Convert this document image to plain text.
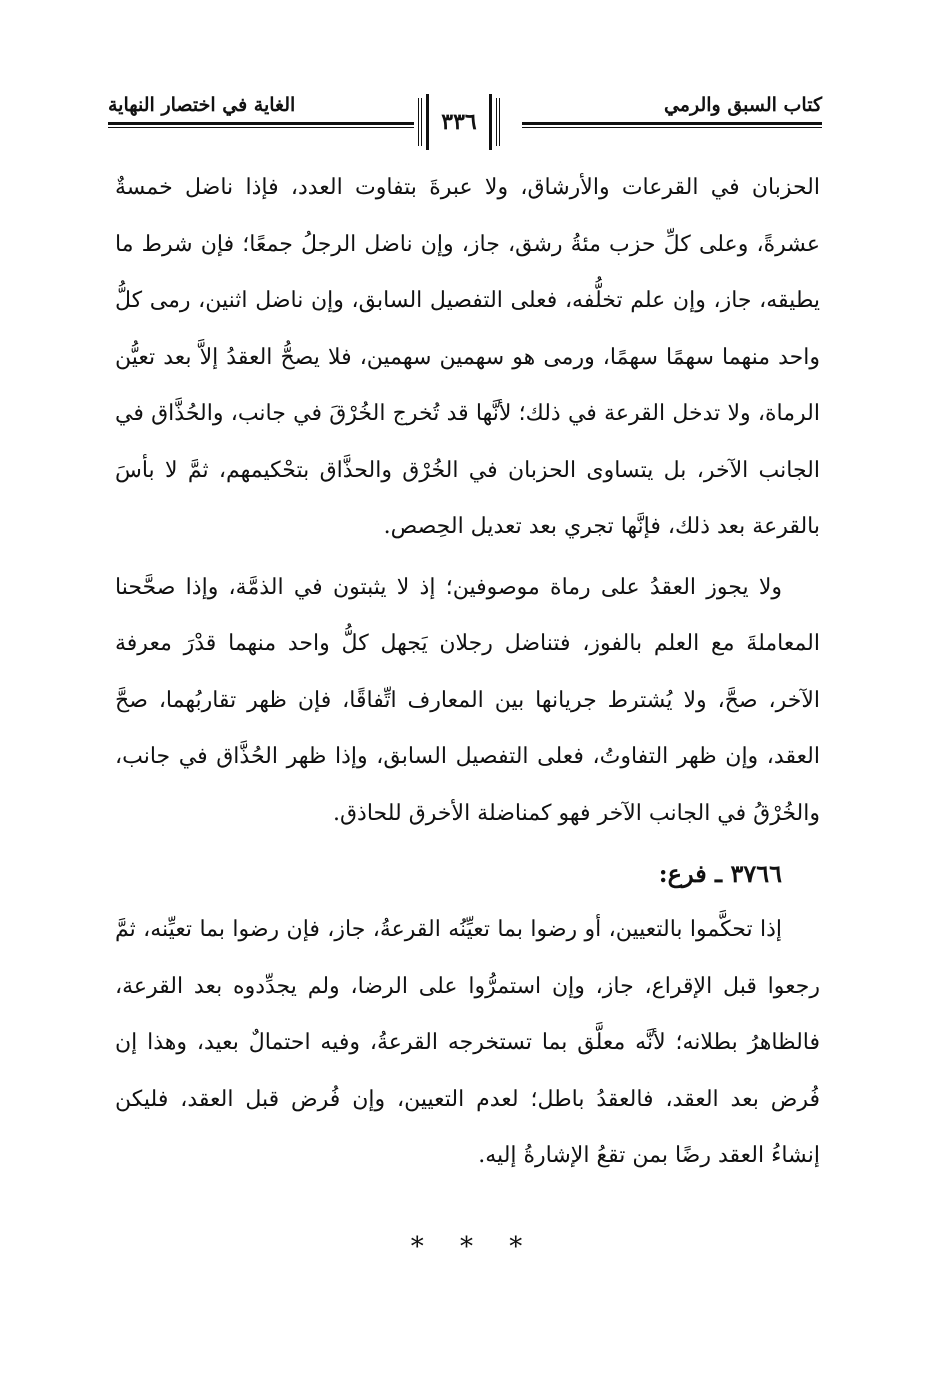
كتاب السبق والرمي
الغاية في اختصار النهاية
٣٣٦

الحزبان في القرعات والأرشاق، ولا عبرةَ بتفاوت العدد، فإذا ناضل خمسةٌ عشرةً، وعلى كلِّ حزب مئةُ رشق، جاز، وإن ناضل الرجلُ جمعًا؛ فإن شرط ما يطيقه، جاز، وإن علم تخلُّفه، فعلى التفصيل السابق، وإن ناضل اثنين، رمى كلُّ واحد منهما سهمًا سهمًا، ورمى هو سهمين سهمين، فلا يصحُّ العقدُ إلاَّ بعد تعيُّن الرماة، ولا تدخل القرعة في ذلك؛ لأنَّها قد تُخرج الخُرْقَ في جانب، والحُذَّاق في الجانب الآخر، بل يتساوى الحزبان في الخُرْق والحذَّاق بتحْكيمهم، ثمَّ لا بأسَ بالقرعة بعد ذلك، فإنَّها تجري بعد تعديل الحِصص.

ولا يجوز العقدُ على رماة موصوفين؛ إذ لا يثبتون في الذمَّة، وإذا صحَّحنا المعاملةَ مع العلم بالفوز، فتناضل رجلان يَجهل كلُّ واحد منهما قدْرَ معرفة الآخر، صحَّ، ولا يُشترط جريانها بين المعارف اتِّفاقًا، فإن ظهر تقاربُهما، صحَّ العقد، وإن ظهر التفاوتُ، فعلى التفصيل السابق، وإذا ظهر الحُذَّاق في جانب، والخُرْقُ في الجانب الآخر فهو كمناضلة الأخرق للحاذق.

٣٧٦٦ ـ فرع:

إذا تحكَّموا بالتعيين، أو رضوا بما تعيِّنُه القرعةُ، جاز، فإن رضوا بما تعيِّنه، ثمَّ رجعوا قبل الإقراع، جاز، وإن استمرُّوا على الرضا، ولم يجدِّدوه بعد القرعة، فالظاهرُ بطلانه؛ لأنَّه معلَّق بما تستخرجه القرعةُ، وفيه احتمالٌ بعيد، وهذا إن فُرض بعد العقد، فالعقدُ باطل؛ لعدم التعيين، وإن فُرض قبل العقد، فليكن إنشاءُ العقد رضًا بمن تقعُ الإشارةُ إليه.

* * *
